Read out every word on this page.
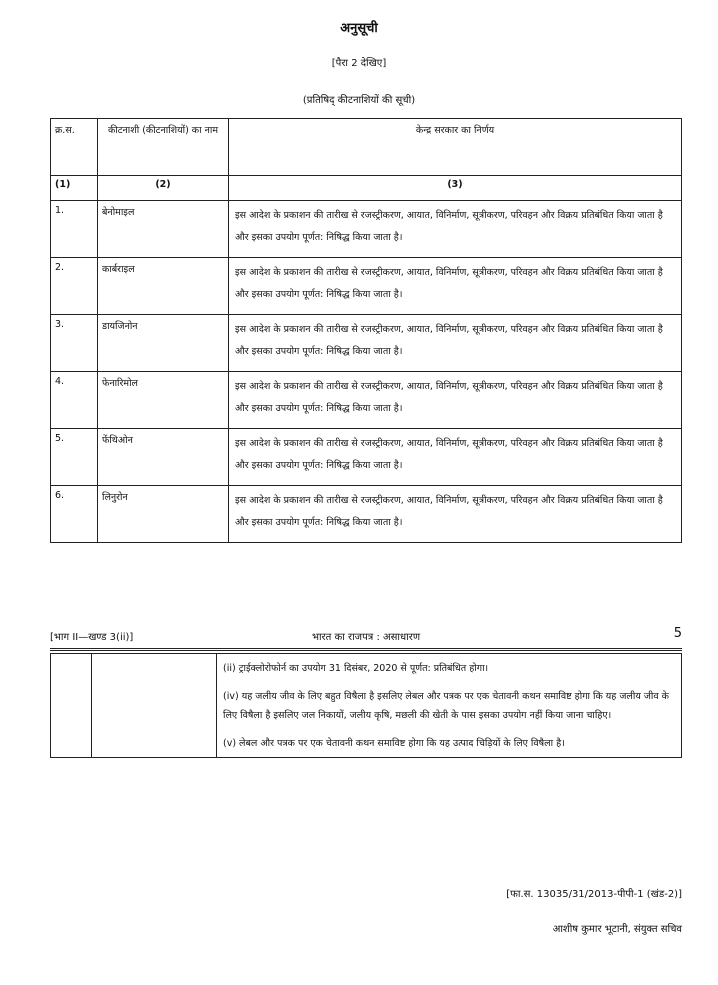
अनुसूची
[पैरा 2 देखिए]
(प्रतिषिद् कीटनाशियों की सूची)
क्र.स.	कीटनाशी (कीटनाशियों) का नाम	केन्द्र सरकार का निर्णय
(1)	(2)	(3)
1.	बेनोमाइल	इस आदेश के प्रकाशन की तारीख से रजस्ट्रीकरण, आयात, विनिर्माण, सूत्रीकरण, परिवहन और विक्रय प्रतिबंधित किया जाता है और इसका उपयोग पूर्णत: निषिद्ध किया जाता है।
2.	कार्बराइल	इस आदेश के प्रकाशन की तारीख से रजस्ट्रीकरण, आयात, विनिर्माण, सूत्रीकरण, परिवहन और विक्रय प्रतिबंधित किया जाता है और इसका उपयोग पूर्णत: निषिद्ध किया जाता है।
3.	डायजिनोन	इस आदेश के प्रकाशन की तारीख से रजस्ट्रीकरण, आयात, विनिर्माण, सूत्रीकरण, परिवहन और विक्रय प्रतिबंधित किया जाता है और इसका उपयोग पूर्णत: निषिद्ध किया जाता है।
4.	फेनारिमोल	इस आदेश के प्रकाशन की तारीख से रजस्ट्रीकरण, आयात, विनिर्माण, सूत्रीकरण, परिवहन और विक्रय प्रतिबंधित किया जाता है और इसका उपयोग पूर्णत: निषिद्ध किया जाता है।
5.	फेंथिओन	इस आदेश के प्रकाशन की तारीख से रजस्ट्रीकरण, आयात, विनिर्माण, सूत्रीकरण, परिवहन और विक्रय प्रतिबंधित किया जाता है और इसका उपयोग पूर्णत: निषिद्ध किया जाता है।
6.	लिनुरोन	इस आदेश के प्रकाशन की तारीख से रजस्ट्रीकरण, आयात, विनिर्माण, सूत्रीकरण, परिवहन और विक्रय प्रतिबंधित किया जाता है और इसका उपयोग पूर्णत: निषिद्ध किया जाता है।
[भाग II—खण्ड 3(ii)]	भारत का राजपत्र : असाधारण	5

(ii) ट्राईक्लोरोफोर्न का उपयोग 31 दिसंबर, 2020 से पूर्णत: प्रतिबंधित होगा।

(iv) यह जलीय जीव के लिए बहुत विषैला है इसलिए लेबल और पत्रक पर एक चेतावनी कथन समाविष्ट होगा कि यह जलीय जीव के लिए विषैला है इसलिए जल निकायों, जलीय कृषि, मछली की खेती के पास इसका उपयोग नहीं किया जाना चाहिए।

(v) लेबल और पत्रक पर एक चेतावनी कथन समाविष्ट होगा कि यह उत्पाद चिड़ियों के लिए विषैला है।

[फा.स. 13035/31/2013-पीपी-1 (खंड-2)]
आशीष कुमार भूटानी, संयुक्त सचिव
